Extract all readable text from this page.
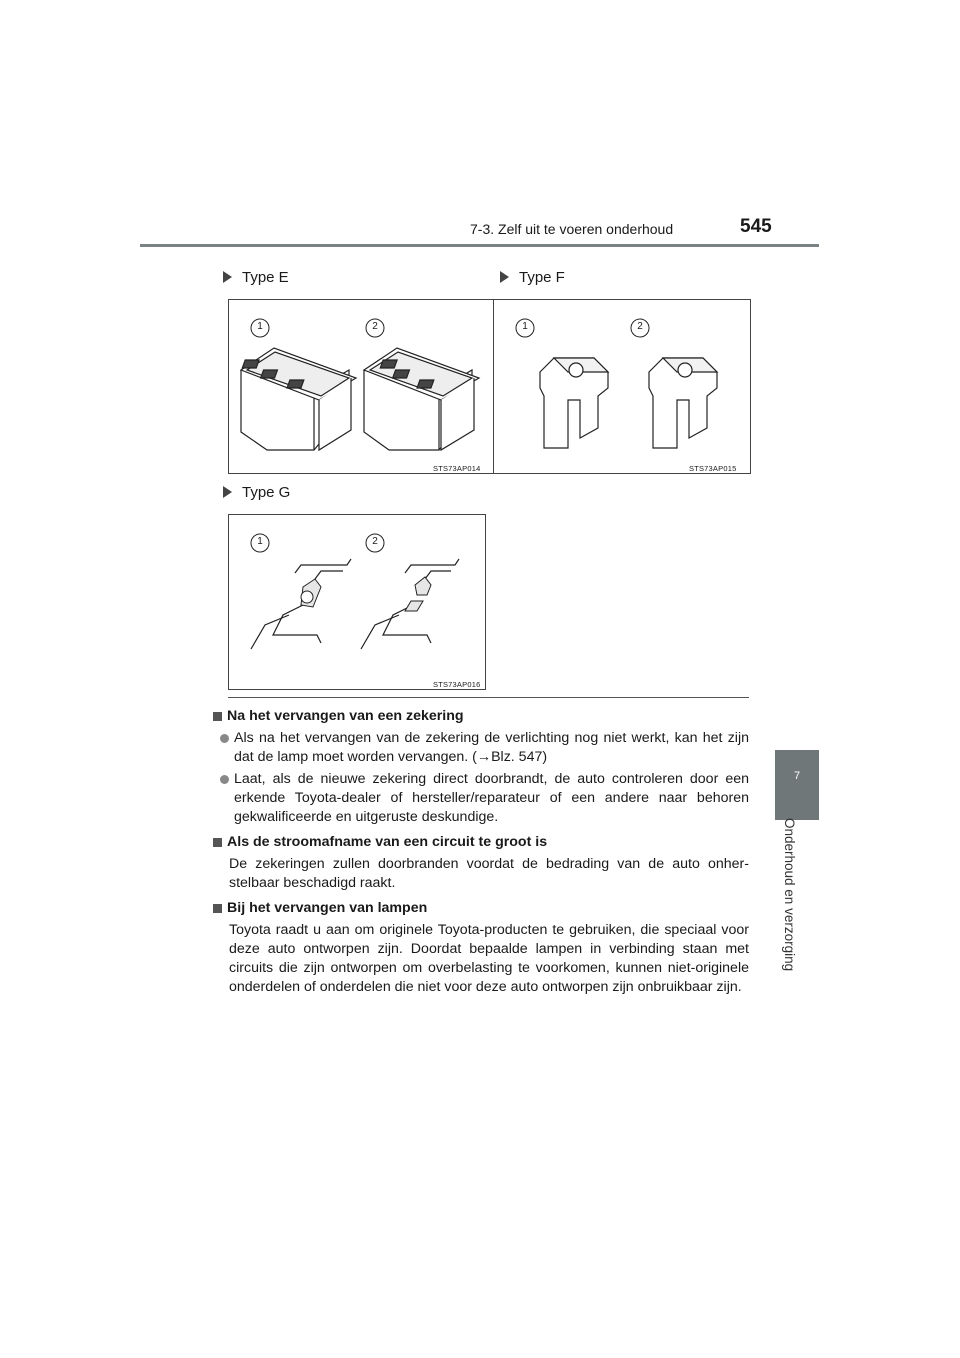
7-3. Zelf uit te voeren onderhoud	545
7
Onderhoud en verzorging
Type E
1	2
STS73AP014
Type F
1	2
STS73AP015
Type G
1	2
STS73AP016
Na het vervangen van een zekering
Als na het vervangen van de zekering de verlichting nog niet werkt, kan het zijn dat de lamp moet worden vervangen. (→Blz. 547)
Laat, als de nieuwe zekering direct doorbrandt, de auto controleren door een erkende Toyota-dealer of hersteller/reparateur of een andere naar behoren gekwalificeerde en uitgeruste deskundige.
Als de stroomafname van een circuit te groot is
De zekeringen zullen doorbranden voordat de bedrading van de auto onher-stelbaar beschadigd raakt.
Bij het vervangen van lampen
Toyota raadt u aan om originele Toyota-producten te gebruiken, die speciaal voor deze auto ontworpen zijn. Doordat bepaalde lampen in verbinding staan met circuits die zijn ontworpen om overbelasting te voorkomen, kunnen niet-originele onderdelen of onderdelen die niet voor deze auto ontworpen zijn onbruikbaar zijn.
